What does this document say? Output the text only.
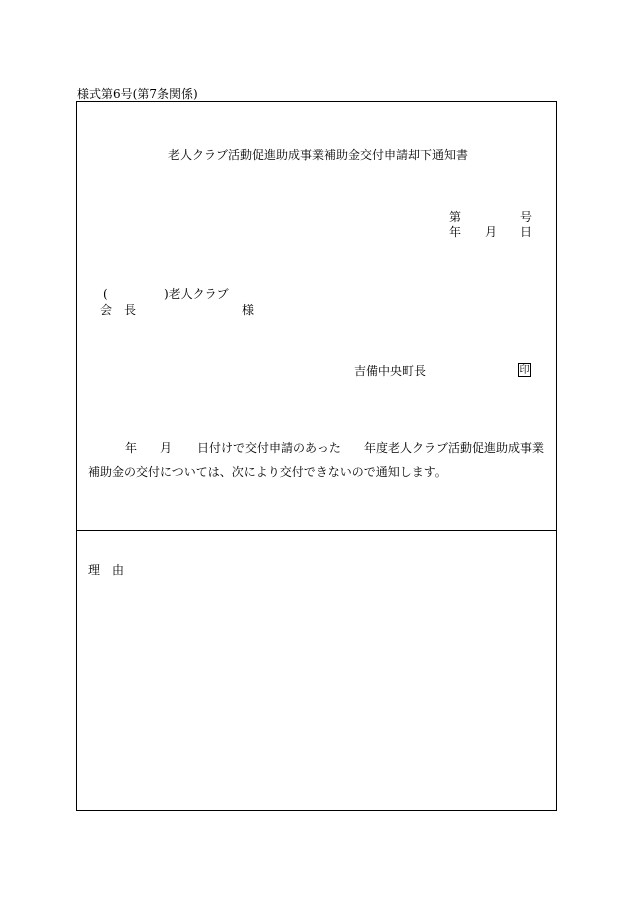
様式第6号(第7条関係)
老人クラブ活動促進助成事業補助金交付申請却下通知書
第	号
年 月 日
(	)老人クラブ
会　長	様
吉備中央町長	印
年 月 日付けで交付申請のあった 年度老人クラブ活動促進助成事業
補助金の交付については、次により交付できないので通知します。
理　由
